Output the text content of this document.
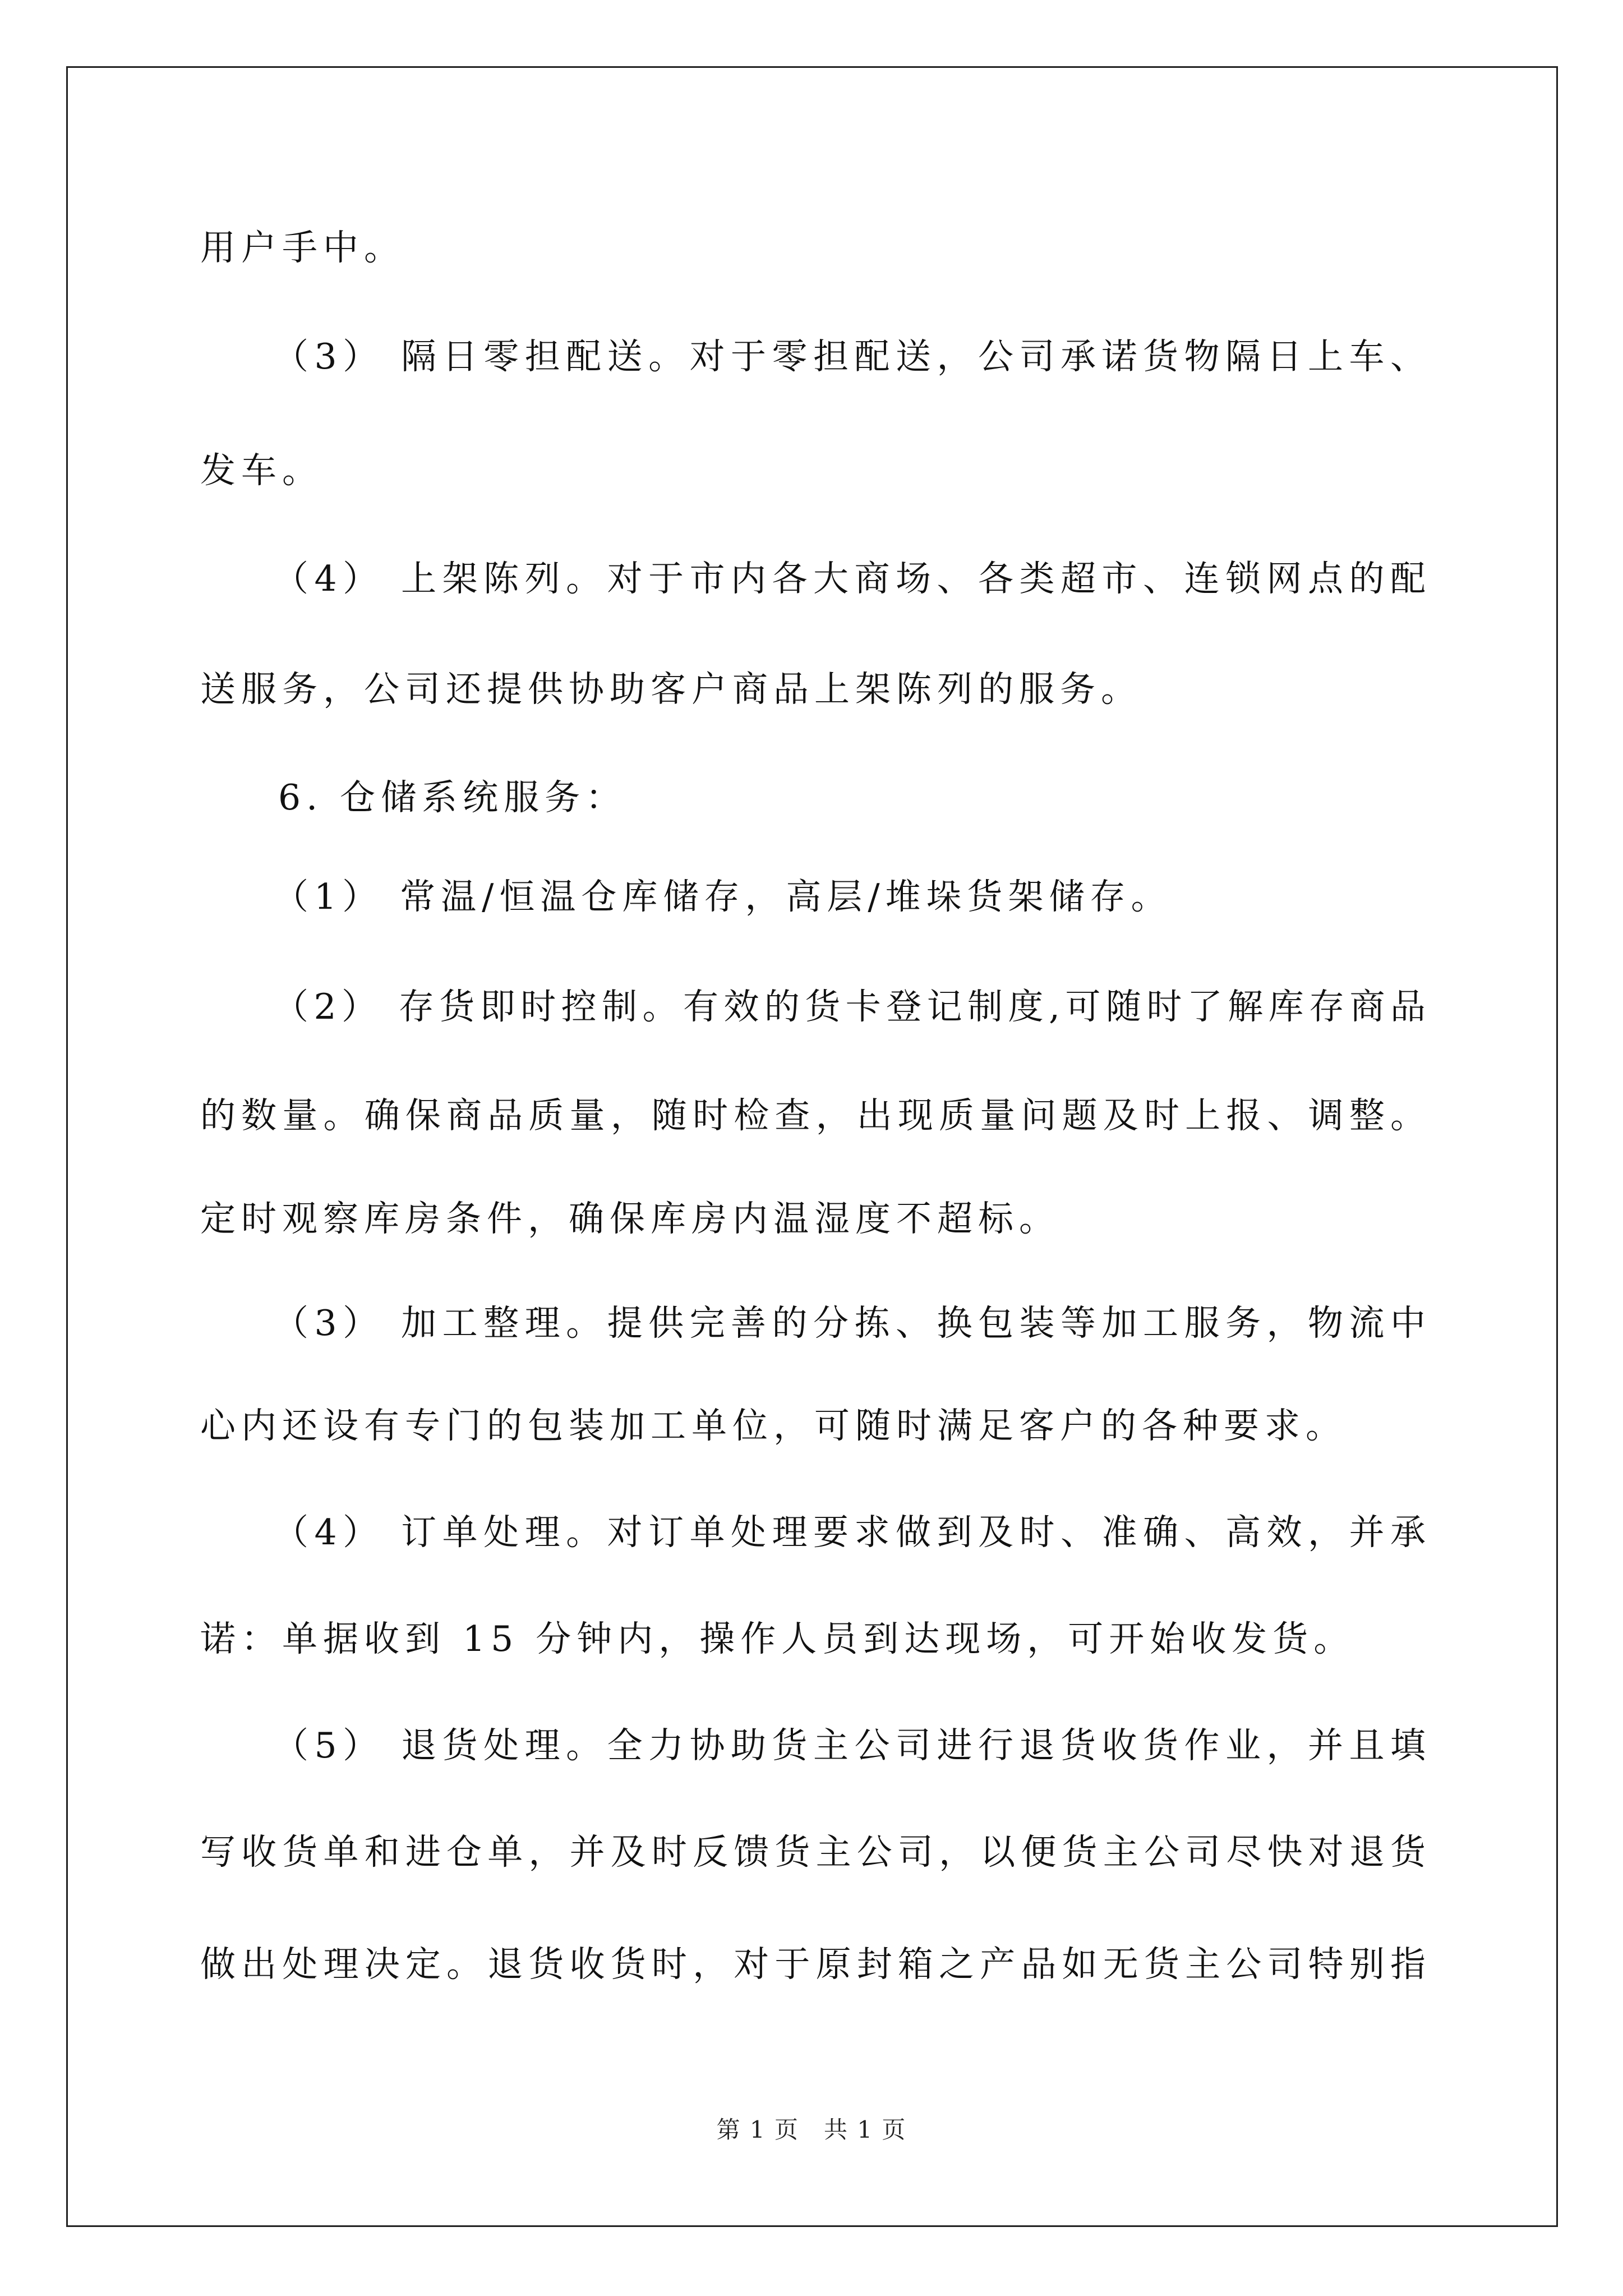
用户手中。
（3） 隔日零担配送。对于零担配送，公司承诺货物隔日上车、
发车。
（4） 上架陈列。对于市内各大商场、各类超市、连锁网点的配
送服务，公司还提供协助客户商品上架陈列的服务。
6. 仓储系统服务：
（1） 常温/恒温仓库储存，高层/堆垛货架储存。
（2） 存货即时控制。有效的货卡登记制度,可随时了解库存商品
的数量。确保商品质量，随时检查，出现质量问题及时上报、调整。
定时观察库房条件，确保库房内温湿度不超标。
（3） 加工整理。提供完善的分拣、换包装等加工服务，物流中
心内还设有专门的包装加工单位，可随时满足客户的各种要求。
（4） 订单处理。对订单处理要求做到及时、准确、高效，并承
诺：单据收到 15 分钟内，操作人员到达现场，可开始收发货。
（5） 退货处理。全力协助货主公司进行退货收货作业，并且填
写收货单和进仓单，并及时反馈货主公司，以便货主公司尽快对退货
做出处理决定。退货收货时，对于原封箱之产品如无货主公司特别指
第 1 页　共 1 页
